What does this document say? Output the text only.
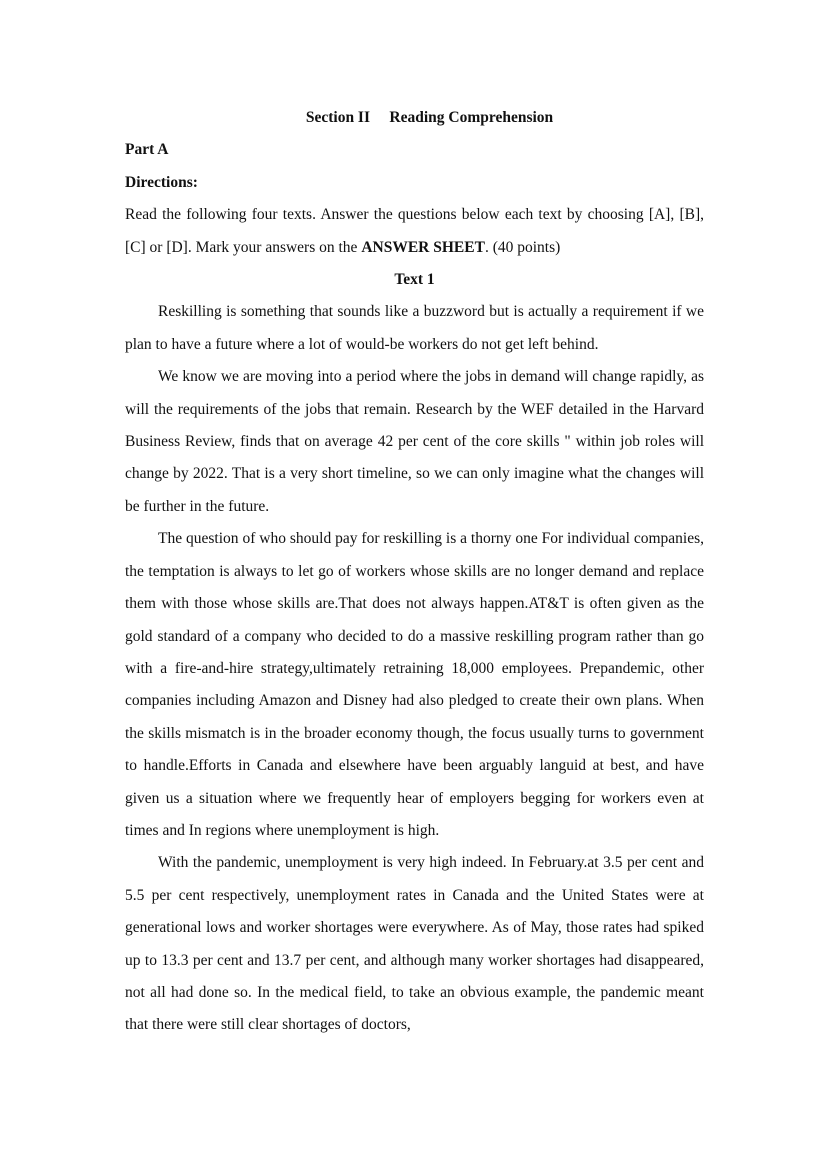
Section II  Reading Comprehension

Part A

Directions:

Read the following four texts. Answer the questions below each text by choosing [A], [B], [C] or [D]. Mark your answers on the ANSWER SHEET. (40 points)

Text 1

Reskilling is something that sounds like a buzzword but is actually a requirement if we plan to have a future where a lot of would-be workers do not get left behind.

We know we are moving into a period where the jobs in demand will change rapidly, as will the requirements of the jobs that remain. Research by the WEF detailed in the Harvard Business Review, finds that on average 42 per cent of the core skills " within job roles will change by 2022. That is a very short timeline, so we can only imagine what the changes will be further in the future.

The question of who should pay for reskilling is a thorny one For individual companies, the temptation is always to let go of workers whose skills are no longer demand and replace them with those whose skills are.That does not always happen.AT&T is often given as the gold standard of a company who decided to do a massive reskilling program rather than go with a fire-and-hire strategy,ultimately retraining 18,000 employees. Prepandemic, other companies including Amazon and Disney had also pledged to create their own plans. When the skills mismatch is in the broader economy though, the focus usually turns to government to handle.Efforts in Canada and elsewhere have been arguably languid at best, and have given us a situation where we frequently hear of employers begging for workers even at times and In regions where unemployment is high.

With the pandemic, unemployment is very high indeed. In February.at 3.5 per cent and 5.5 per cent respectively, unemployment rates in Canada and the United States were at generational lows and worker shortages were everywhere. As of May, those rates had spiked up to 13.3 per cent and 13.7 per cent, and although many worker shortages had disappeared, not all had done so. In the medical field, to take an obvious example, the pandemic meant that there were still clear shortages of doctors,
